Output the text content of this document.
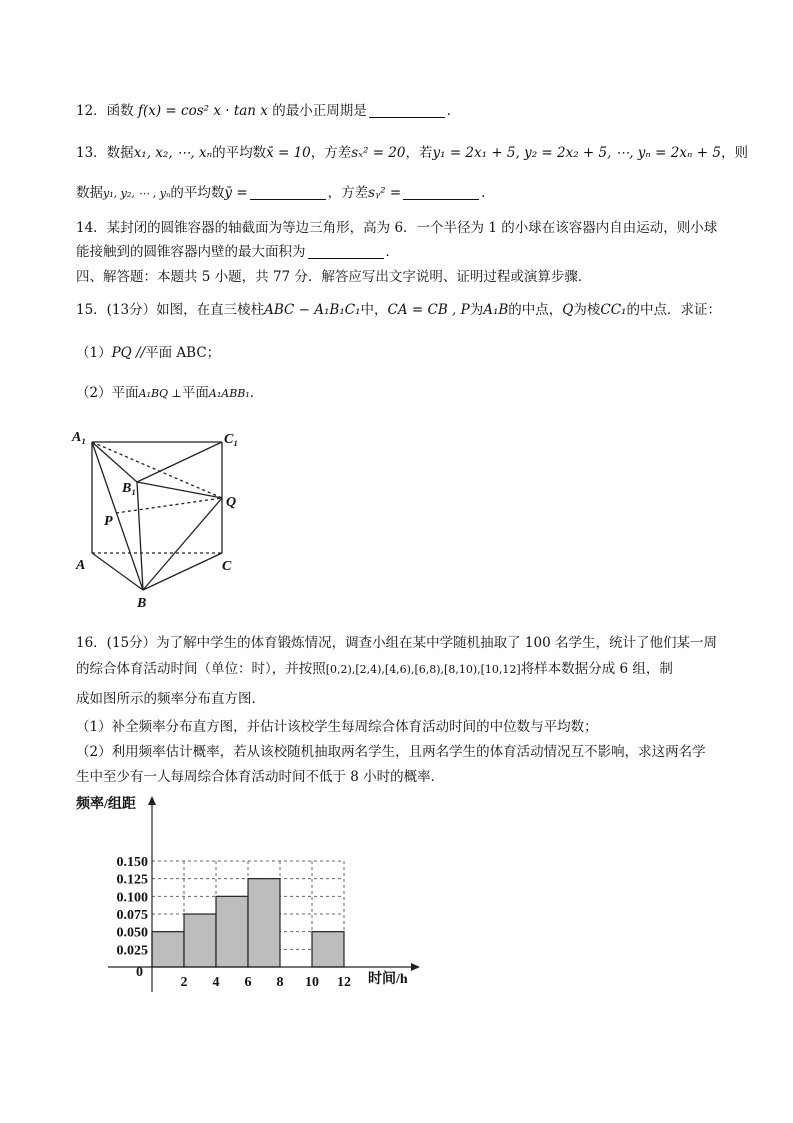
12．函数 f(x) = cos² x · tan x 的最小正周期是	．
13．数据x₁, x₂, ⋯, xₙ的平均数x̄ = 10，方差sₓ² = 20，若y₁ = 2x₁ + 5, y₂ = 2x₂ + 5, ⋯, yₙ = 2xₙ + 5，则
数据y₁, y₂, ⋯ , yₙ的平均数ȳ =	，方差sᵧ² =	．
14．某封闭的圆锥容器的轴截面为等边三角形，高为 6．一个半径为 1 的小球在该容器内自由运动，则小球
能接触到的圆锥容器内壁的最大面积为	．
四、解答题：本题共 5 小题，共 77 分．解答应写出文字说明、证明过程或演算步骤．
15．(13分）如图，在直三棱柱ABC − A₁B₁C₁中，CA = CB , P为A₁B的中点，Q为棱CC₁的中点．求证：
（1）PQ //平面 ABC；
（2）平面A₁BQ ⊥平面A₁ABB₁．
A₁	C₁
B₁
Q
P
A	C
B
16．(15分）为了解中学生的体育锻炼情况，调查小组在某中学随机抽取了 100 名学生，统计了他们某一周
的综合体育活动时间（单位：时），并按照[0,2),[2,4),[4,6),[6,8),[8,10),[10,12]将样本数据分成 6 组，制
成如图所示的频率分布直方图．
（1）补全频率分布直方图，并估计该校学生每周综合体育活动时间的中位数与平均数；
（2）利用频率估计概率，若从该校随机抽取两名学生，且两名学生的体育活动情况互不影响，求这两名学
生中至少有一人每周综合体育活动时间不低于 8 小时的概率．
频率/组距
时间/h
0
0.025
0.050
0.075
0.100
0.125
0.150
2 4 6 8 10 12
